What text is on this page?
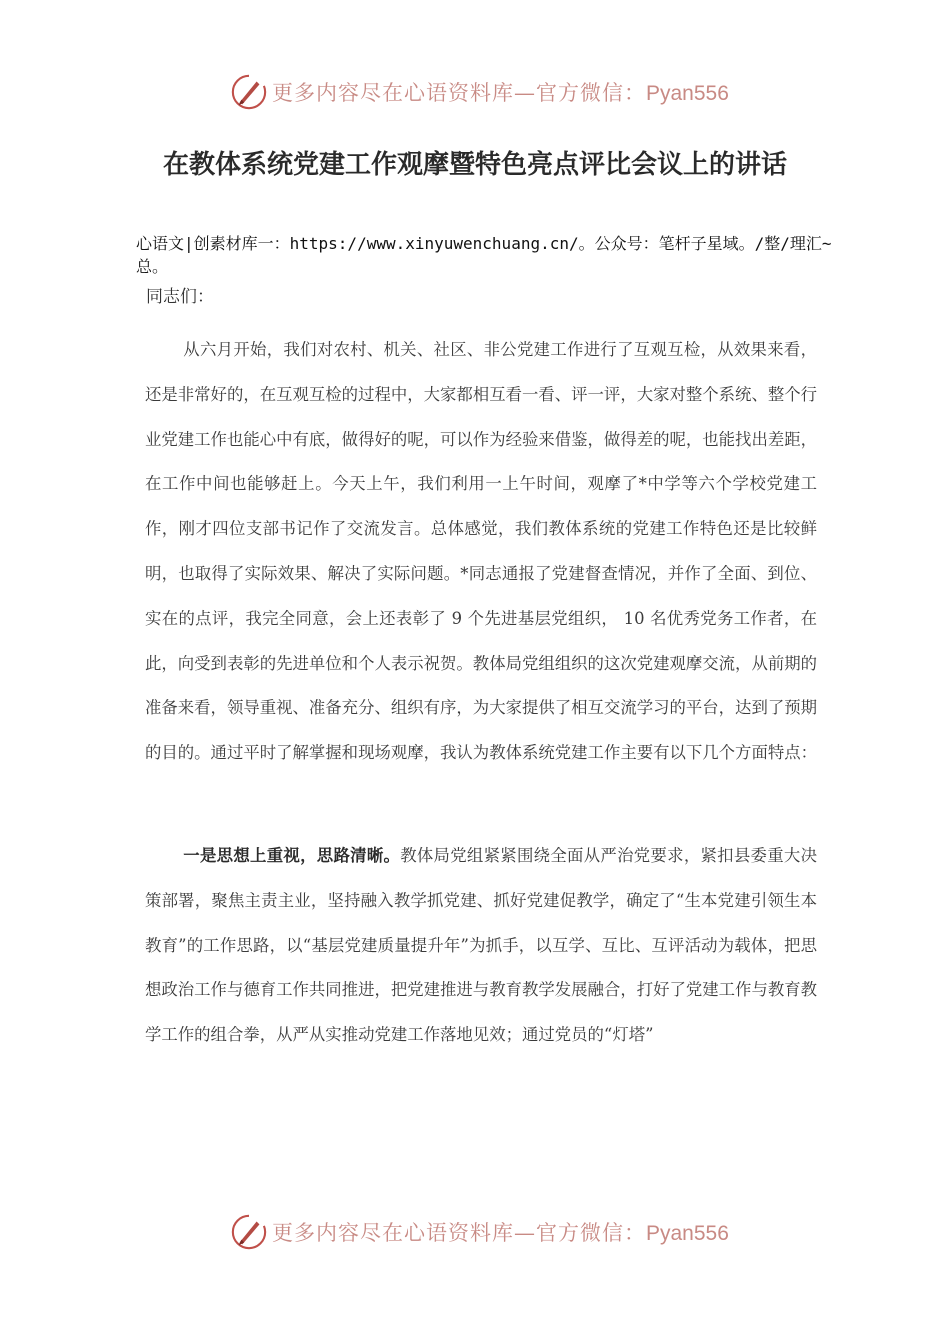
更多内容尽在心语资料库—官方微信：Pyan556
在教体系统党建工作观摩暨特色亮点评比会议上的讲话

心语文|创素材库一：https://www.xinyuwenchuang.cn/。公众号：笔杆子星域。/整/理汇~总。

同志们：

从六月开始，我们对农村、机关、社区、非公党建工作进行了互观互检，从效果来看，还是非常好的，在互观互检的过程中，大家都相互看一看、评一评，大家对整个系统、整个行业党建工作也能心中有底，做得好的呢，可以作为经验来借鉴，做得差的呢，也能找出差距，在工作中间也能够赶上。今天上午，我们利用一上午时间，观摩了*中学等六个学校党建工作，刚才四位支部书记作了交流发言。总体感觉，我们教体系统的党建工作特色还是比较鲜明，也取得了实际效果、解决了实际问题。*同志通报了党建督查情况，并作了全面、到位、实在的点评，我完全同意，会上还表彰了 9 个先进基层党组织， 10 名优秀党务工作者，在此，向受到表彰的先进单位和个人表示祝贺。教体局党组组织的这次党建观摩交流，从前期的准备来看，领导重视、准备充分、组织有序，为大家提供了相互交流学习的平台，达到了预期的目的。通过平时了解掌握和现场观摩，我认为教体系统党建工作主要有以下几个方面特点：

一是思想上重视，思路清晰。教体局党组紧紧围绕全面从严治党要求，紧扣县委重大决策部署，聚焦主责主业，坚持融入教学抓党建、抓好党建促教学，确定了“生本党建引领生本教育”的工作思路，以“基层党建质量提升年”为抓手，以互学、互比、互评活动为载体，把思想政治工作与德育工作共同推进，把党建推进与教育教学发展融合，打好了党建工作与教育教学工作的组合拳，从严从实推动党建工作落地见效；通过党员的“灯塔”

更多内容尽在心语资料库—官方微信：Pyan556
